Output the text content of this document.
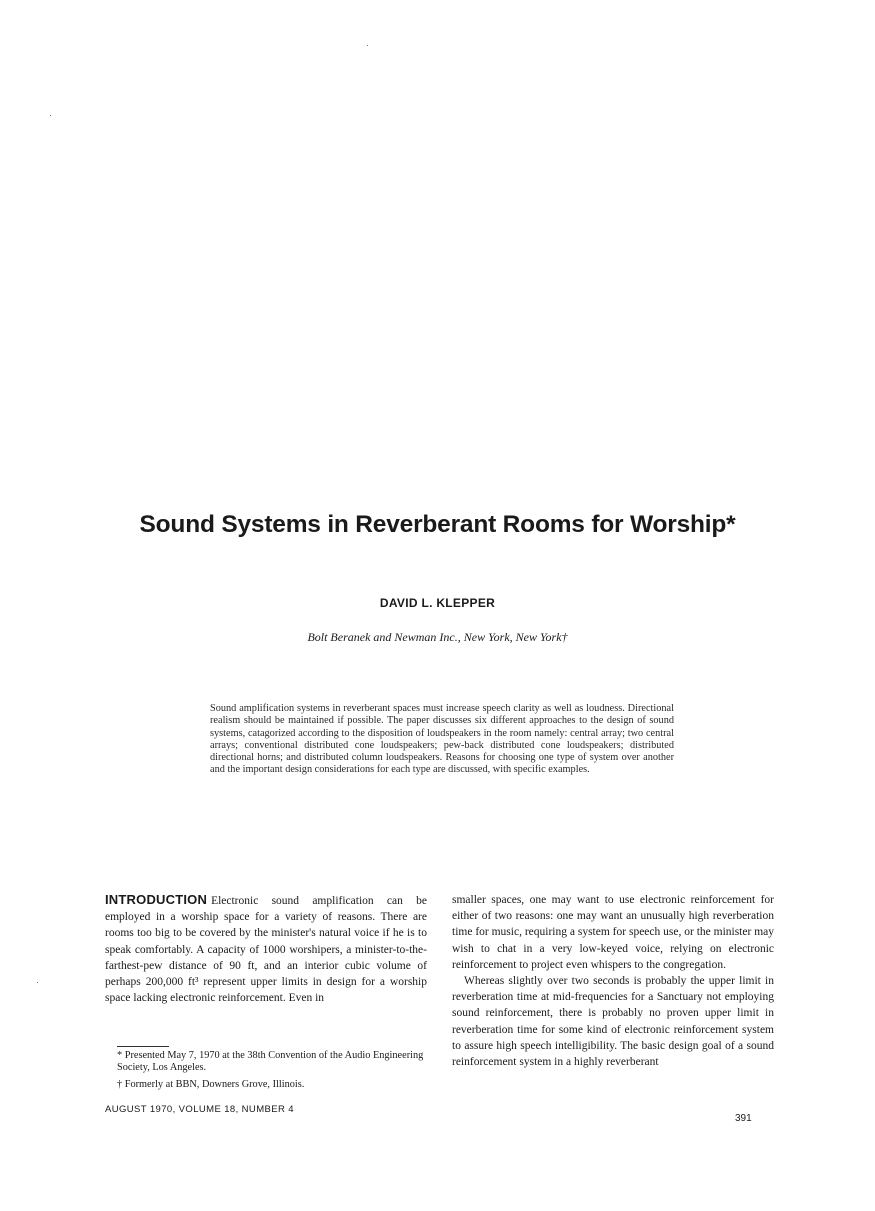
Sound Systems in Reverberant Rooms for Worship*
DAVID L. KLEPPER
Bolt Beranek and Newman Inc., New York, New York†
Sound amplification systems in reverberant spaces must increase speech clarity as well as loudness. Directional realism should be maintained if possible. The paper discusses six different approaches to the design of sound systems, catagorized according to the disposition of loudspeakers in the room namely: central array; two central arrays; conventional distributed cone loudspeakers; pew-back distributed cone loudspeakers; distributed directional horns; and distributed column loudspeakers. Reasons for choosing one type of system over another and the important design considerations for each type are discussed, with specific examples.

INTRODUCTION Electronic sound amplification can be employed in a worship space for a variety of reasons. There are rooms too big to be covered by the minister's natural voice if he is to speak comfortably. A capacity of 1000 worshipers, a minister-to-the-farthest-pew distance of 90 ft, and an interior cubic volume of perhaps 200,000 ft³ represent upper limits in design for a worship space lacking electronic reinforcement. Even in

smaller spaces, one may want to use electronic reinforcement for either of two reasons: one may want an unusually high reverberation time for music, requiring a system for speech use, or the minister may wish to chat in a very low-keyed voice, relying on electronic reinforcement to project even whispers to the congregation.

Whereas slightly over two seconds is probably the upper limit in reverberation time at mid-frequencies for a Sanctuary not employing sound reinforcement, there is probably no proven upper limit in reverberation time for some kind of electronic reinforcement system to assure high speech intelligibility. The basic design goal of a sound reinforcement system in a highly reverberant

* Presented May 7, 1970 at the 38th Convention of the Audio Engineering Society, Los Angeles.

† Formerly at BBN, Downers Grove, Illinois.

AUGUST 1970, VOLUME 18, NUMBER 4
391
